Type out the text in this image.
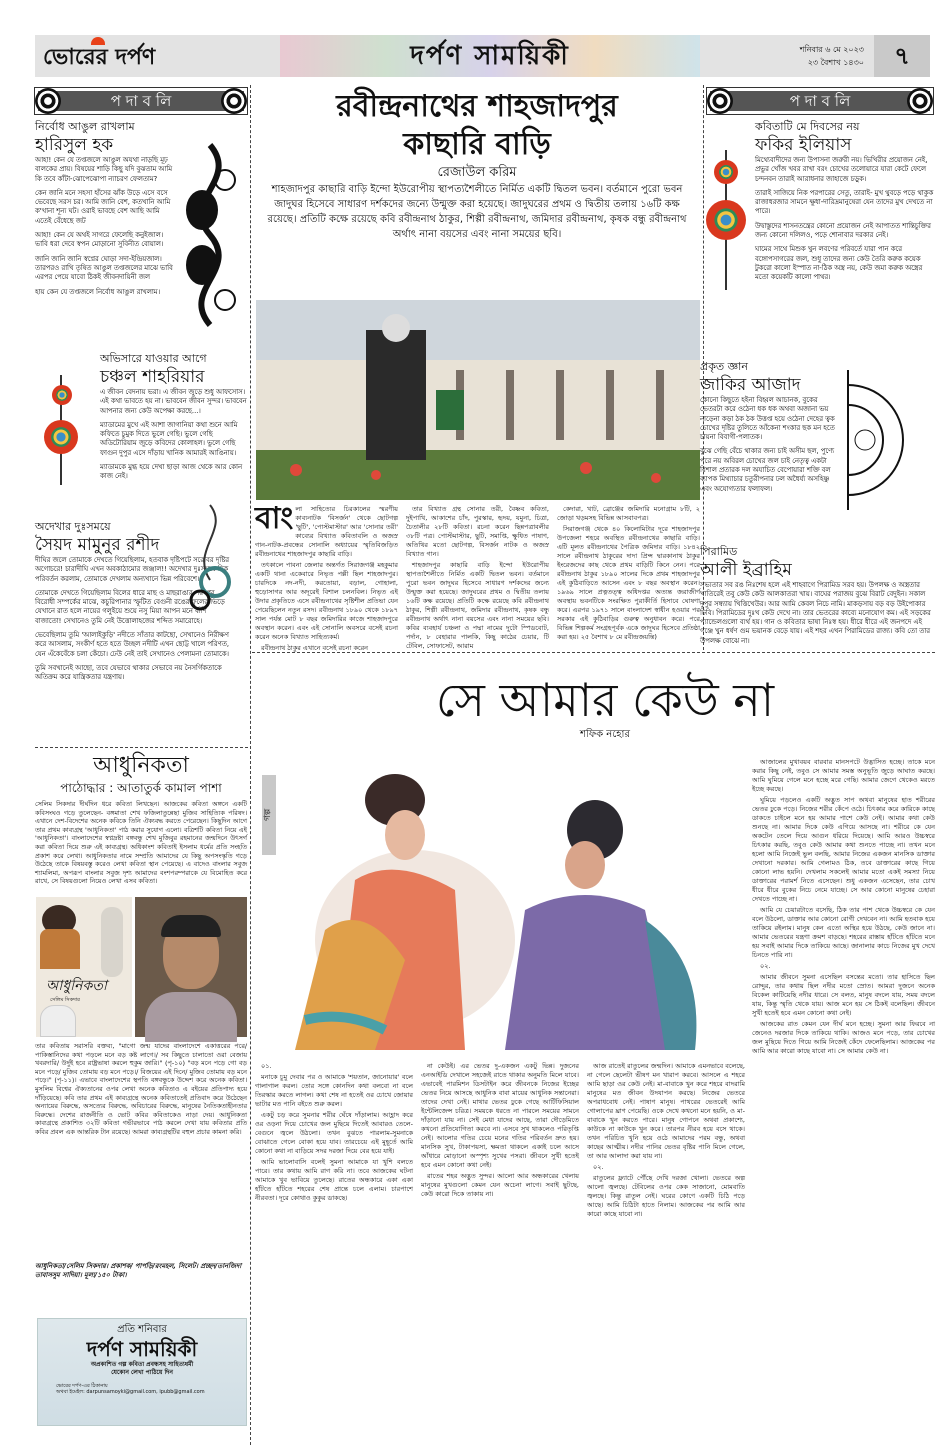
ভোরের দর্পণ	দর্পণ সাময়িকী	শনিবার ৬ মে ২০২৩
২৩ বৈশাখ ১৪৩০	৭
প দা ব লি
নির্বোধ আঙুল রাখলাম
হারিসুল হক

আহা! কেন যে তপ্তজলে আঙুল অযথা নাড়ছি মূঢ় বালকের প্রায়। বিষয়ের শাড়ি কিছু যদি বুঝতাম আমি কি তবে কাঁটা-ঝোপেঝোপা ন্যাচরণ ফেলতাম?

কেন জানি মনে সহসা হাঁসের ঝাঁক উড়ে এসে বসে ভেবেছে সরস চর। আমি জানি বেশ, কতখানি আমি ক'খানা শূন্য ঘট। ওরাই ভাবছে বেশ আছি আমি এতেই বেঁধেছে জট

আহা! কেন যে অথই সাগরে ফেলেছি কনুইজাল। ভাবি ধরা দেবে স্বপন মোড়ানো সুবিনীত বোয়াল।

জানি জানি জানি স্বপ্নের ঘোড়া সদা-ইন্দ্রিয়জাল। তারপরও রাখি তৃষিত আঙুল তপ্তজলের মাঝে ভাবি এরপর পেয়ে যাবো ঠিকই জীবনদায়িনী জল

হায় কেন যে তপ্তজলে নির্বোধ আঙুল রাখলাম।

অভিসারে যাওয়ার আগে
চঞ্চল শাহরিয়ার

এ জীবন বেদনায় ভরা। এ জীবন জুড়ে শুধু আফসোস। এই কথা ভাবতে হয় না। ভাববেন জীবন সুন্দর। ভাববেন আপনার জন্য কেউ অপেক্ষা করছে...।

ম্যাডামের মুখে এই আশা জাগানিয়া কথা শুনে আমি কফিতে চুমুক দিতে ভুলে গেছি। ভুলে গেছি অডিটোরিয়াম জুড়ে কবিদের কোলাহল। ভুলে গেছি ফাগুন দুপুর এসে দাঁড়ায় খানিক আমারই আঙিনায়।

ম্যাডামকে মুগ্ধ হয়ে দেখা ছাড়া আজ থেকে আর কোন কাজ নেই।

অদেখার দুঃসময়ে
সৈয়দ মামুনুর রশীদ

দীঘির জলে তোমাকে দেখতে গিয়েছিলাম, হতবাক দৃষ্টিপটে সরোবর দৃষ্টির অগোচরে! চারাদীঘি এখন অবকাঠামোর জঞ্জাল!! অদেখার দুঃসময়ে দিক পরিবর্তন করলাম, তোমাকে দেখলাম অন্যখানে ভিন্ন পরিবেশে।

তোমাকে দেখতে গিয়েছিলাম বিলের ধারে মাছ ও মাছরাঙার পরস্পর বিরোধী সম্পর্কের মাঝে, কচুরিপানার স্ফূটিত বেগুনী রঙের ফুলের ভিড়ে যেখানে রাত হলে নায়ের গলুইয়ে শুয়ে নসু মিয়া আপন মনে বাঁশি বাজাতো! সেখানেও তুমি নেই উত্তোলাহজের শব্দিত সমারোহে।

ভেবেছিলাম তুমি 'আলাইকুড়ি' নদীতে সাঁতার কাটছো, সেখানেও নিরীক্ষণ করে আসলাম, সংকীর্ণ হতে হতে উচ্ছল নদীটি এখন ছোট্ট খালে পরিণত, যেন এঁকেবেঁকে চলা কেঁচো। ঢেউ নেই তাই সেখানেও পেলামনা তোমাকে।

তুমি সবখানেই আছো, তবে যেভাবে থাকার সেভাবে নয় নৈসর্গিকতাকে অতিক্রম করে যান্ত্রিকতার যন্ত্রণায়।

আধুনিকতা
পাঠোদ্ধার : আতাতুর্ক কামাল পাশা
সেলিম সিকদার দীর্ঘদিন ধরে কবিতা লিখছেন। আজকের কবিতা অঙ্গনে একটি কবিসংঘও গড়ে তুলেছেন- বঙ্গমাতা শেখ ফজিলাতুন্নেছা মুজিব সাহিত্যিক পরিষদ। এখানে দেশ-বিদেশের অনেক কবিকে তিনি ঐক্যবদ্ধ করতে পেরেছেন। কিছুদিন আগে তার প্রথম কাব্যগ্রন্থ 'আধুনিকতা' পাঠ করার সুযোগ এলো। বত্রিশটি কবিতা নিয়ে এই 'আধুনিকতা'। বাংলাদেশের স্বপ্নদ্রষ্টা বঙ্গবন্ধু শেখ মুজিবুর রহমানের জন্মদিনে উৎসর্গ করা কবিতা দিয়ে শুরু এই কাব্যগ্রন্থ। অধিকাংশ কবিতাই ইসলাম ধর্মের প্রতি সংহতি প্রকাশ করে লেখা। আধুনিকতার নামে সম্প্রতি আমাদের যে কিছু অপসংস্কৃতি গড়ে উঠেছে তাকে বিষয়বস্তু করেও লেখা কবিতা স্থান পেয়েছে। এ বাদেও বাংলার সবুজ শ্যামলিমা, অপরূপ বাংলার সবুজ দৃশ্য আমাদের বংশপরম্পরাকে যে বিমোহিত করে রাখে, সে বিষয়গুলো নিয়েও লেখা এসব কবিতা।
আধুনিকতা
সেলিম সিকদার
তার কবিতায় সরাসরি বক্তব্য, "মাগো জন্ম যাদের বাংলাদেশে একাত্তরের পরে/ পাকিস্তানিদের কথা পড়লে মনে বড় কষ্ট লাগে।/ সব কিছুতে চালাতো ওরা বেজায় খবরদারি/ উর্দুই হবে রাষ্ট্রভাষা করলে হুকুম জারি।" (পৃ-১০) "বড় মনে পড়ে গো বড় মনে পড়ে/ মুজিব তোমায় বড় মনে পড়ে।/ বিজয়ের এই দিনে/ মুজিব তোমায় বড় মনে পড়ে।" (পৃ-১১)। এভাবে বাংলাদেশের স্থপতি বঙ্গবন্ধুকে উদ্দেশ করে অনেক কবিতা। মুসলিম বিশ্বের ঐক্যতানের ওপর লেখা অনেক কবিতাও এ বইয়ের প্রতিপাদ্য হয়ে দাঁড়িয়েছে। কবি তার প্রথম এই কাব্যগ্রন্থে অনেক কবিতাতেই প্রতিবাদ করে উঠেছেন অন্যায়ের বিরুদ্ধে, অসত্যের বিরুদ্ধে, অবিচারের বিরুদ্ধে, মানুষের নৈতিকতাহীনতার বিরুদ্ধে। দেশের রাজনীতি ও ভোট কবির কবিতাকেও নাড়া দেয়। আধুনিকতা কাব্যগ্রন্থে প্রকাশিত ৩২টি কবিতা গভীরভাবে পাঠ করলে দেখা যায় কবিতার প্রতি কবির প্রবল এক আন্তরিক টান রয়েছে। আমরা কাব্যগ্রন্থটির বহুল প্রচার কামনা করি।
আধুনিকতা/সেলিম সিকদার। প্রকাশক/ পাপড়ি/রংমহল, সিলেট। প্রচ্ছদ/তানজিদা তাবাসসুম সাদিয়া। মূল্য/১৫০ টাকা।
প্রতি শনিবার
দর্পণ সাময়িকী
অপ্রকাশিত গল্প কবিতা প্রবন্ধসহ সাহিত্যধর্মী
যেকোন লেখা পাঠিয়ে দিন
ভোরের দর্পণ-এর ঠিকানায়
অথবা ইমেইল: darpunsamoyki@gmail.com, ipubb@gmail.com
রবীন্দ্রনাথের শাহজাদপুর
কাছারি বাড়ি
রেজাউল করিম
শাহজাদপুর কাছারি বাড়ি ইন্দো ইউরোপীয় স্থাপত্যশৈলীতে নির্মিত একটি দ্বিতল ভবন। বর্তমানে পুরো ভবন জাদুঘর হিসেবে সাধারণ দর্শকদের জন্যে উন্মুক্ত করা হয়েছে। জাদুঘরের প্রথম ও দ্বিতীয় তলায় ১৬টি কক্ষ রয়েছে। প্রতিটি কক্ষে রয়েছে কবি রবীন্দ্রনাথ ঠাকুর, শিল্পী রবীন্দ্রনাথ, জমিদার রবীন্দ্রনাথ, কৃষক বন্ধু রবীন্দ্রনাথ অর্থাৎ নানা বয়সের এবং নানা সময়ের ছবি।
বাং লা সাহিত্যের চিরকালের স্মরণীয় কাব্যনাটক 'বিসর্জন' থেকে ছোটগল্প 'ছুটি', 'পোস্টমাস্টার' আর 'সোনার তরী' কাব্যের বিখ্যাত কবিতাবলি ও অজস্র গান-নাটক-প্রবন্ধের সোনালি অধ্যায়ের স্মৃতিবিজড়িত রবীন্দ্রনাথের শাহজাদপুর কাছারি বাড়ি।

তৎকালে পাবনা জেলার অন্তর্গত সিরাজগঞ্জ মহকুমার একটি থানা একেবারে নিভৃত পল্লী ছিল শাহজাদপুর। চারদিকে নদ-নদী, করতোয়া, বড়াল, গোহালা, হুড়োসাগর আর অদূরেই বিশাল চলনবিল। নিভৃত এই উদার প্রকৃতিতে এসে রবীন্দ্রনাথের সৃষ্টিশীল প্রতিভা যেন পেয়েছিলেন নতুন রসদ। রবীন্দ্রনাথ ১৮৯০ থেকে ১৮৯৭ সাল পর্যন্ত মোট ৮ বছর জমিদারির কাজে শাহজাদপুরে অবস্থান করেন। এবং এই সোনালি অবসরে বসেই রচনা করেন অনেক বিখ্যাত সাহিত্যকর্ম।

রবীন্দ্রনাথ ঠাকুর এখানে বসেই রচনা করেন

তার বিখ্যাত গ্রন্থ সোনার তরী, বৈষ্ণব কবিতা, দুইপাখি, আকাশের চাঁদ, পুরস্কার, হৃদয়, যমুনা, চিত্রা, চৈতালীর ২৮টি কবিতা। রচনা করেন ছিন্নপত্রাবলীর ৩৮টি পত্র। পোস্টমাস্টার, ছুটি, সমাপ্তি, ক্ষুধিত পাষাণ, অতিথির মতো ছোটগল্প, বিসর্জন নাটক ও অজস্র বিখ্যাত গান।

শাহজাদপুর কাছারি বাড়ি ইন্দো ইউরোপীয় স্থাপত্যশৈলীতে নির্মিত একটি দ্বিতল ভবন। বর্তমানে পুরো ভবন জাদুঘর হিসেবে সাধারণ দর্শকদের জন্যে উন্মুক্ত করা হয়েছে। জাদুঘরের প্রথম ও দ্বিতীয় তলায় ১৬টি কক্ষ রয়েছে। প্রতিটি কক্ষে রয়েছে কবি রবীন্দ্রনাথ ঠাকুর, শিল্পী রবীন্দ্রনাথ, জমিদার রবীন্দ্রনাথ, কৃষক বন্ধু রবীন্দ্রনাথ অর্থাৎ নানা বয়সের এবং নানা সময়ের ছবি। কবির ব্যবহার্য চঞ্চলা ও পদ্মা নামের দুটো স্পিডবোট, পর্দান, ৮ বেহারার পালকি, কিছু কাঠের চেয়ার, টি টেবিল, সোফাসেট, আরাম

কেদারা, খাট, ব্রোঞ্জের জমিদারি মনোগ্রাম ৮টি, ২ জোড়া খড়মসহ বিভিন্ন আসবাবপত্র।

সিরাজগঞ্জ থেকে ৪০ কিলোমিটার দূরে শাহজাদপুর উপজেলা শহরে অবস্থিত রবীন্দ্রনাথের কাছারি বাড়ি। এটি মূলত রবীন্দ্রনাথের পৈত্রিক জমিদার বাড়ি। ১৮৪২ সালে রবীন্দ্রনাথ ঠাকুরের দাদা প্রিন্স দ্বারকানাথ ঠাকুর ইংরেজদের কাছ থেকে প্রথম বাড়িটি কিনে নেন। পরে রবীন্দ্রনাথ ঠাকুর ১৮৯০ সালের দিকে প্রথম শাহজাদপুর এই কুঠিবাড়িতে আসেন এবং ৮ বছর অবস্থান করেন। ১৯৬৯ সালে প্রত্নতত্ত্ব অধিদপ্তর অত্যন্ত জরাজীর্ণ অবস্থায় ভবনটিকে সংরক্ষিত পুরাকীর্তি হিসাবে ঘোষণা করে। এরপর ১৯৭১ সালে বাংলাদেশ স্বাধীন হওয়ার পর সরকার এই কুঠিবাড়ির গুরুত্ব অনুধাবন করে। পরে বিভিন্ন শিল্পকর্ম সংগ্রহপূর্বক একে জাদুঘর হিসেবে প্রতিষ্ঠা করা হয়। ২৫ বৈশাখ ৮ মে রবীন্দ্রজয়ন্তি)

প দা ব লি
কবিতাটি মে দিবসের নয়
ফকির ইলিয়াস

মিথ্যেবাদীদের জন্য উপাসনা জরুরী নয়। ভিখিরীর প্রয়োজন নেই, প্রভুর খোঁজ খবর রাখা বরং চোখের তলোয়ারে যারা কেটে ফেলে চন্দনবন তারাই আরাধনার জাহাজে চড়ুক।

তারাই সাজিয়ে নিক পরপারের সেতু, তারাই- মুখ থুবড়ে পড়ে থাকুক রাজাধরজার সামনে ক্ষুধা-দারিদ্রমানুষেরা যেন তাদের মুখ দেখতে না পারে।

উদ্বাস্তুদের শাসনতন্ত্রের কোনো প্রয়োজন নেই আপাতত শান্তিচুক্তির জন্য কোনো দলিলও, পড়ে শোনাবার দরকার নেই।

ঘামের সাথে মিশুক খুন লবণের পরিবর্তে যারা পান করে বঙ্গোপসাগরের জল, শুধু তাদের জন্য কেউ তৈরি করুক কয়েক টুকরো কালো ইস্পাত না-ঠিক অস্ত্র নয়, কেউ জমা করুক অস্ত্রের মতো কয়েকটি কালো পাথর।

প্রকৃত জ্ঞান
জাকির আজাদ

কোনো কিছুতে হইনা বিহ্বল আচানক, বুকের ভেতরটা করে ওঠেনা ধক ধক অথবা অজানা ভয় নাড়েনা কড়া ঠক ঠক উত্তপ্ত হয়ে ওঠেনা দেহের ত্বক চোখের দৃষ্টির তুলিতে আঁকেনা শংকার ছক মন হতে চায়না বিবাগী-পলাতক।

বুঝে গেছি বেঁচে থাকার জন্য চাই অসীম ছল, পুণ্যে পরে নয় অবিরল চোখের জল চাই নেতৃত্ব একটা বিশাল প্রতারক দল অযাচিত বেপোয়ারা শক্তি বল ব্যাপক মিথ্যাচার চতুরীপনার ঢল অধৈর্য্য অসহিষ্ণু এবং অযোগ্যতার ফলাফল।

পিরামিড
আলী ইব্রাহিম

সভ্যতার সব রঙ নিঃশেষ হলে এই শাহবাগে পিরামিড সরব হয়। উপলক্ষ ও অস্ত্রতার খাতিরেই তবু কেউ কেউ আলকাতরা খায়। বাঘের পরাজয় বুঝে বিরাট বেদুইন। সকাল দুপুর সন্ধ্যায় খিত্তিখেউর। আর আমি কেবল নিচে নামি। মাকড়সায় বড় বড় উইপোকার ঢিবি। পিরামিডের দুঃখ কেউ দেখে না। তার ভেতরের কাব্যে মনোযোগ কম। এই সড়কের প্যান্ডেলগুলো ব্যর্থ হয়। গান ও কবিতার ভাষা নিঃস্ব হয়। ধীরে ধীরে এই জনপদে এই গঞ্জে খুন ধর্ষণ গুম ভয়ানক বেড়ে যায়। এই শহর এখন পিরামিডের রাজ্য। কবি তো তার উপলক্ষ বোঝে না।

গল্প
সে আমার কেউ না
শফিক নহোর

০১.

মনাকে চুমু দেবার পর ও আমাকে 'শয়তান, জানোয়ার' বলে গালাগাল করল। তোর সঙ্গে কোনদিন কথা বলবো না বলে তিরস্কার করতে লাগল। কথা শেষ না হতেই ওর চোখে জোয়ার ভাটার মত পানি বইতে শুরু করল।

একটু চড় করে সুমনার শরীর ঘেঁষে দাঁড়ালাম। আহ্লাদ করে ওর ওড়না দিয়ে চোখের জল মুছিয়ে দিতেই আবারও তেলে-বেগুনে জ্বলে উঠলো। তখন বুঝতে পারলাম-সুমনাকে বোঝাতে গেলে বোকা হয়ে যাব। তারচেয়ে এই মুহূর্তে আমি কোনো কথা না বাড়িয়ে সদর দরজা দিয়ে বের হয়ে যাই।

আমি ভালোবাসি বলেই সুমনা আমাকে যা খুশি বলতে পারে। তার কথায় আমি রাগ করি না। তবে আজকের ঘটনা আমাকে খুব ভাবিয়ে তুলেছে। রাতের অন্ধকারে একা একা হাঁটতে হাঁটতে শহরের শেষ প্রান্তে চলে এলাম। চারপাশে নীরবতা। দূরে কোথাও কুকুর ডাকছে।

না কেউই। এর ভেতর দু-একজন একটু ভিন্ন। দুজনের এনআইডি দেখালে সহজেই রাতে থাকার অনুমতি মিলে যাবে। এভাবেই পারমিশন ডিসটাইন করে জীবনকে নিজের ইচ্ছের ভেতর নিয়ে আসছে আধুনিক বাবা মায়ের আধুনিক সন্তানেরা। তাদের দেখা নেই। মাথার ভেতর ঢুকে গেছে আর্টিফিসিয়াল ইন্টেলিজেন্স চরিত্র। সময়কে ধরতে না পারলে সময়ের সামনে দাঁড়ানো যায় না। সেই মেধা যাদের আছে, তারা দৌড়েমিতে কখনো প্রতিযোগিতা করবে না। এসবে সুখ থাকলেও পরিতৃপ্তি নেই। আলোর গতির চেয়ে মনের গতির পরিবর্তন দ্রুত হয়। মানসিক সুখ, টাকাপয়সা, ক্ষমতা থাকলে একাই চলে আসে আঁধারে মোড়ানো অস্পৃশ্য সুখের পসরা। জীবনে সুখী হতেই হবে এমন কোনো কথা নেই।

রাতের শহর অদ্ভুত সুন্দর। আলো আর অন্ধকারের খেলায় মানুষের মুখগুলো কেমন যেন অচেনা লাগে। সবাই ছুটছে, কেউ কারো দিকে তাকায় না।

আজ রাতেই রাতুলের জন্মদিন। আমাকে এমনভাবে বলেছে, না গেলে ছেলেটা ভীষণ মন খারাপ করবে। আসলে এ শহরে আমি ছাড়া ওর কেউ নেই। মা-বাবাকে খুন করে শহরে বাদরামি মানুষের মত জীবন উদযাপন করছে। নিজের ভেতরে অপরাধবোধ নেই। পাষাণ মানুষ। পাথরের ভেতরেই আমি গোলাপের ঘ্রাণ পেয়েছি। ওকে দেখে কখনো মনে হয়নি, ও মা-বাবাকে খুন করতে পারে। মানুষ গোপনে অথবা প্রকাশ্যে, কাউকে না কাউকে খুন করে। তারপর নীরব হয়ে বসে থাকে। তখন পরিচিত খুনি হয়ে ওঠে আমাদের পরম বন্ধু, অথবা কাছের আত্মীয়। নদীর পানির ভেতর বৃষ্টির পানি মিলে গেলে, তা আর আলাদা করা যায় না।

০২.

রাতুলের ফ্ল্যাটে পৌঁছে দেখি দরজা খোলা। ভেতরে অল্প আলো জ্বলছে। টেবিলের ওপর কেক সাজানো, মোমবাতি জ্বলছে। কিন্তু রাতুল নেই। ঘরের কোণে একটি চিঠি পড়ে আছে। আমি চিঠিটা হাতে নিলাম। আজকের পর আমি আর কারো কাছে যাবো না।

আজালের মুখাবয়ব বারবার মানসপটে উদ্ভাসিত হচ্ছে। তাকে মনে করার কিছু নেই, তবুও সে আমার সমস্ত অনুভূতি জুড়ে আঘাত করছে। আমি ঘুমিয়ে গেলে মনে হচ্ছে মরে গেছি। আমার জেগে থেকেও মরতে ইচ্ছে করছে।

ঘুমিয়ে পড়লেও একটি অদ্ভুত সাপ অথবা মানুষের হাত শরীরের ভেতর ঢুকে পড়ে। নিজের শরীর কেঁপে ওঠে। চিৎকার করে কারিকে কাছে ডাকতে চাইলে মনে হয় আমার পাশে কেউ নেই। আমার কথা কেউ শুনছে না। আমার দিকে কেউ এগিয়ে আসছে না। শরীরে কে যেন অকটেন তেলে দিয়ে আগুন ধরিয়ে দিয়েছে। আমি আরও উচ্চস্বরে চিৎকার করছি, তবুও কেউ আমার কথা শুনতে পাচ্ছে না। তখন মনে হলো আমি নিজেই ভুল বলছি, আমার নিজের একজন মানসিক ডাক্তার দেখানো দরকার। আমি গেলামও ঠিক, তবে ডাক্তারের কাছে গিয়ে কোনো লাভ হয়নি। দেখলাম সকলেই আমার মতো একই সমস্যা নিয়ে ডাক্তারের পরামর্শ নিতে এসেছেন। শুধু একজন এসেছেন, তার চোখ ধীরে ধীরে বুকের নিচে নেমে যাচ্ছে। সে আর কোনো মানুষের চেহারা দেখতে পাচ্ছে না।

আমি যে চেয়ারটাতে বসেছি, ঠিক তার পাশ থেকে উচ্চস্বরে কে যেন বলে উঠলো, ডাক্তার আর কোনো রোগী দেখবেন না। আমি হতবাক হয়ে তাকিয়ে রইলাম। মানুষ কেন এতো অস্থির হয়ে উঠছে, কেউ জানে না। আমার ভেতরের যন্ত্রণা ক্রমশ বাড়ছে। শহরের রাস্তায় হাঁটতে হাঁটতে মনে হয় সবাই আমার দিকে তাকিয়ে আছে। জানালার কাচে নিজের মুখ দেখে চিনতে পারি না।

০২.

আমার জীবনে সুমনা এসেছিল বসন্তের মতো। তার হাসিতে ছিল রোদ্দুর, তার কথায় ছিল নদীর মতো স্রোত। আমরা দুজনে অনেক বিকেল কাটিয়েছি নদীর ধারে। সে বলত, মানুষ বদলে যায়, সময় বদলে যায়, কিন্তু স্মৃতি থেকে যায়। আজ মনে হয় সে ঠিকই বলেছিল। জীবনে সুখী হতেই হবে এমন কোনো কথা নেই।

আজকের রাত কেমন যেন দীর্ঘ মনে হচ্ছে। সুমনা আর ফিরবে না জেনেও দরজার দিকে তাকিয়ে থাকি। আজও মনে পড়ে, তার চোখের জল মুছিয়ে দিতে গিয়ে আমি নিজেই কেঁদে ফেলেছিলাম। আজকের পর আমি আর কারো কাছে যাবো না। সে আমার কেউ না।
